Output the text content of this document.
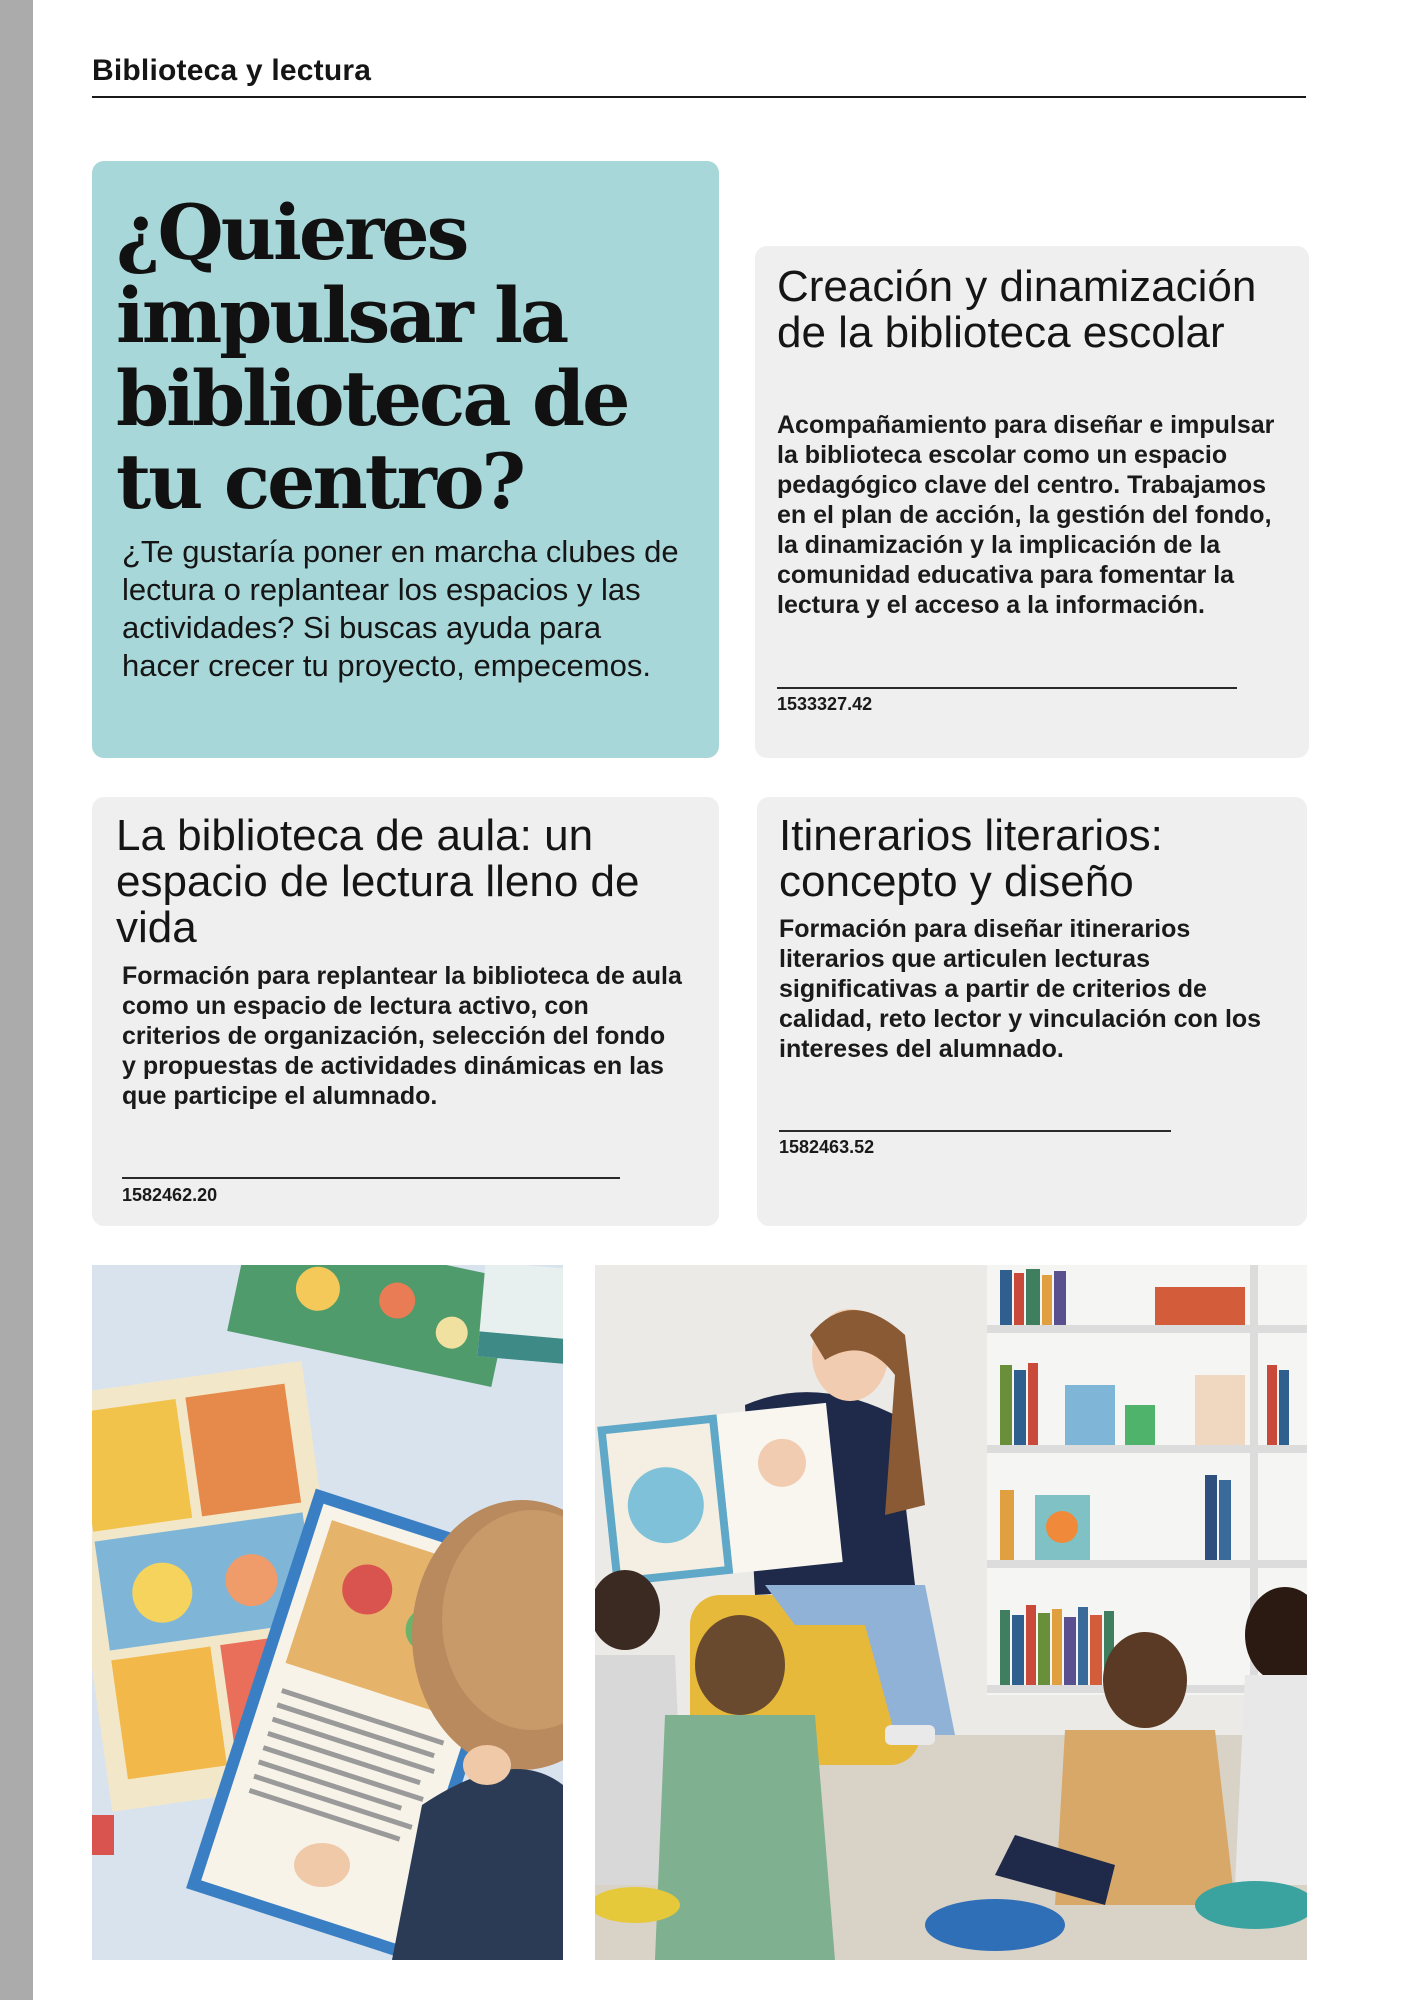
Biblioteca y lectura
¿Quieres impulsar la biblioteca de tu centro?
¿Te gustaría poner en marcha clubes de lectura o replantear los espacios y las actividades? Si buscas ayuda para hacer crecer tu proyecto, empecemos.
Creación y dinamización de la biblioteca escolar
Acompañamiento para diseñar e impulsar la biblioteca escolar como un espacio pedagógico clave del centro. Trabajamos en el plan de acción, la gestión del fondo, la dinamización y la implicación de la comunidad educativa para fomentar la lectura y el acceso a la información.
1533327.42
La biblioteca de aula: un espacio de lectura lleno de vida
Formación para replantear la biblioteca de aula como un espacio de lectura activo, con criterios de organización, selección del fondo y propuestas de actividades dinámicas en las que participe el alumnado.
1582462.20
Itinerarios literarios: concepto y diseño
Formación para diseñar itinerarios literarios que articulen lecturas significativas a partir de criterios de calidad, reto lector y vinculación con los intereses del alumnado.
1582463.52
